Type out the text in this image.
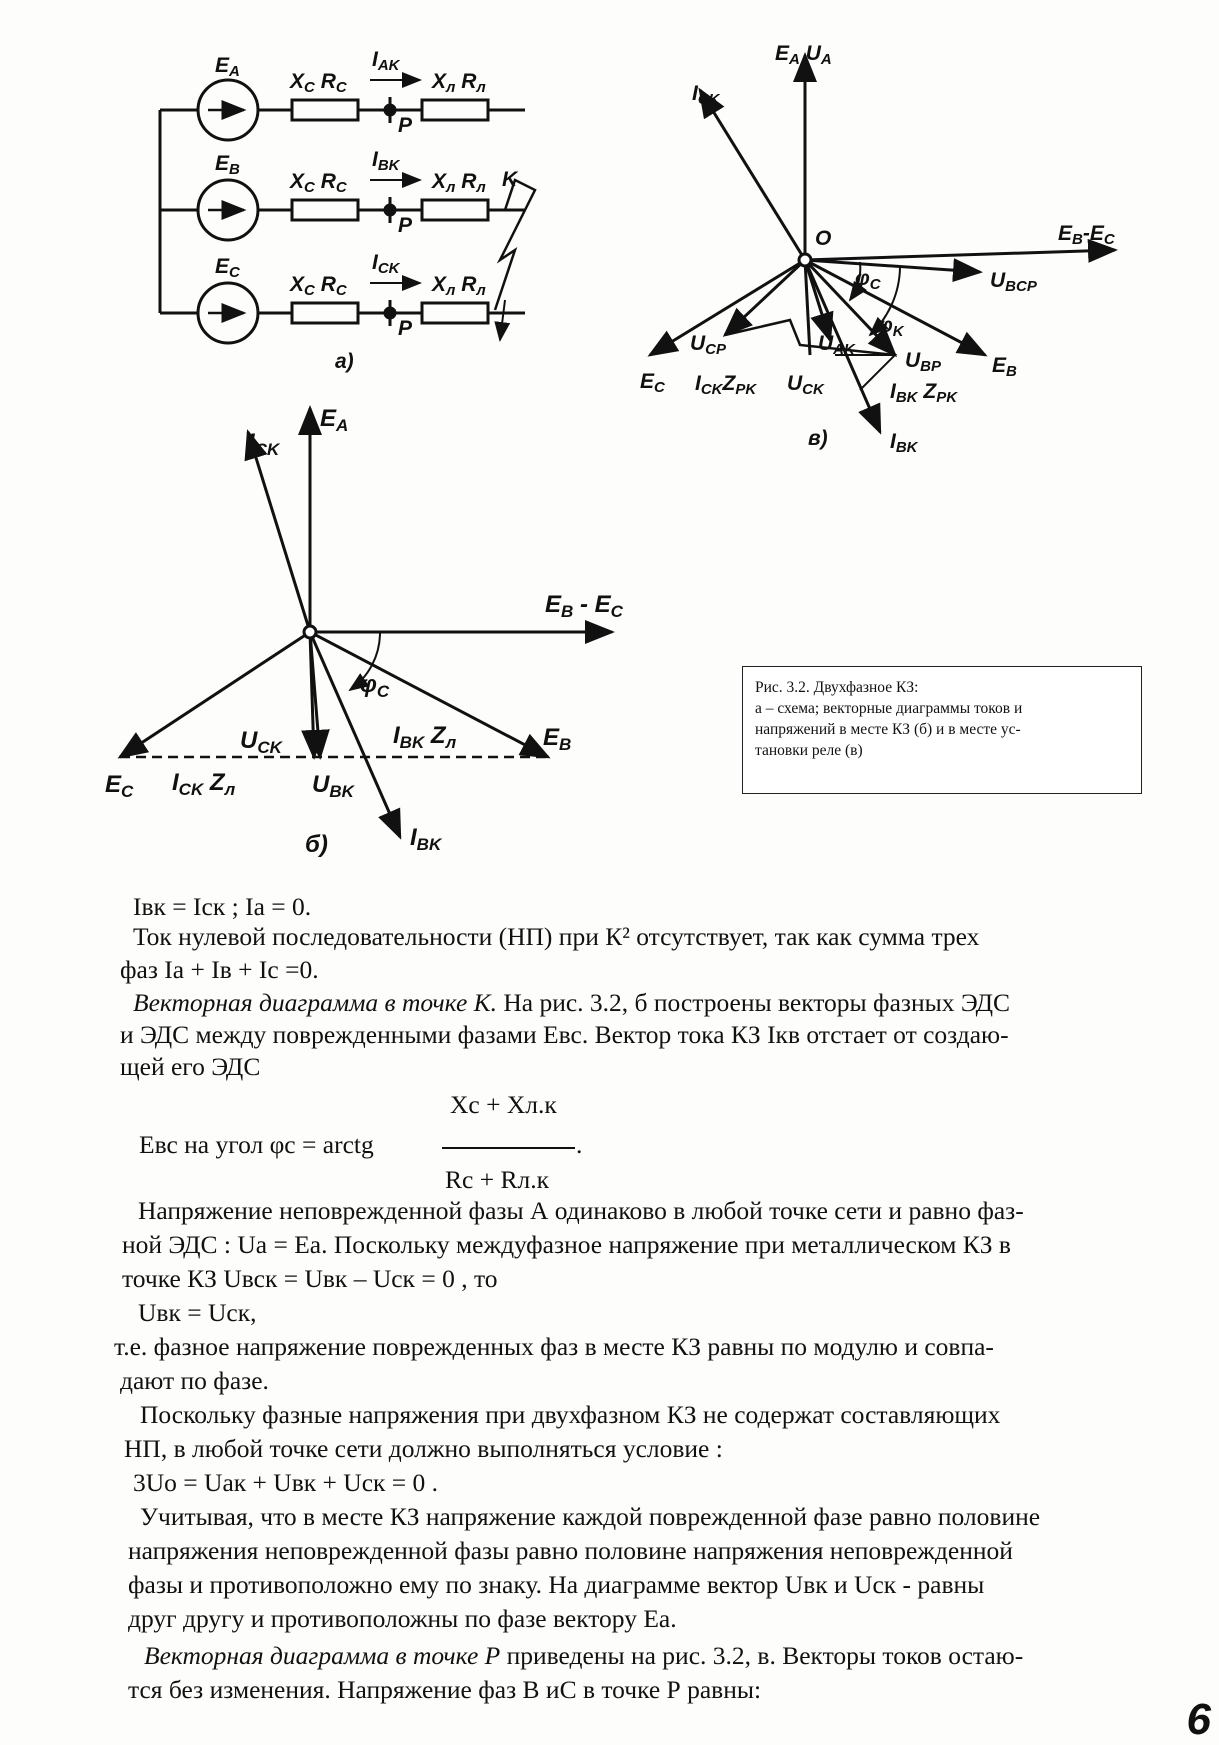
EA
EB
EC
XC RC
XC RC
XC RC
Xл Rл
Xл Rл
Xл Rл
IAK
IBK
ICK
P
P
P
K
a)
$E_A$
$I_{CK}$
$E_B - E_C$
$\varphi_C$
$E_B$
$E_C$
$U_{CK}$	$I_{BK}$ $Z_л$
$I_{CK}$ $Z_л$	$U_{BK}$
$I_{BK}$
б)
EA UA
ICK
O	EB-EC
UBCP
φC
φK
EB
UCP	UBP
UAK
EC ICKZPK UCK	IBK ZPK
IBK
в)
Рис. 3.2. Двухфазное КЗ:
а – схема; векторные диаграммы токов и
напряжений в месте КЗ (б) и в месте ус-
тановки реле (в)
Iвк = Iск ; Iа = 0.
Ток нулевой последовательности (НП) при К² отсутствует, так как сумма трех
фаз Ia + Iв + Ic =0.
Векторная диаграмма в точке К. На рис. 3.2, б построены векторы фазных ЭДС
и ЭДС между поврежденными фазами Евс. Вектор тока КЗ Iкв отстает от создаю-
щей его ЭДС
Xc + Xл.к
Евс на угол φс = arctg	.
Rc + Rл.к
Напряжение неповрежденной фазы А одинаково в любой точке сети и равно фаз-
ной ЭДС : Ua = Ea. Поскольку междуфазное напряжение при металлическом КЗ в
точке КЗ Uвск = Uвк – Uск = 0 , то
Uвк = Uск,
т.е. фазное напряжение поврежденных фаз в месте КЗ равны по модулю и совпа-
дают по фазе.
Поскольку фазные напряжения при двухфазном КЗ не содержат составляющих
НП, в любой точке сети должно выполняться условие :
3Uo = Uак + Uвк + Uск = 0 .
Учитывая, что в месте КЗ напряжение каждой поврежденной фазе равно половине
напряжения неповрежденной фазы равно половине напряжения неповрежденной
фазы и противоположно ему по знаку. На диаграмме вектор Uвк и Uск - равны
друг другу и противоположны по фазе вектору Еа.
Векторная диаграмма в точке Р приведены на рис. 3.2, в. Векторы токов остаю-
тся без изменения. Напряжение фаз В иС в точке Р равны:
6
